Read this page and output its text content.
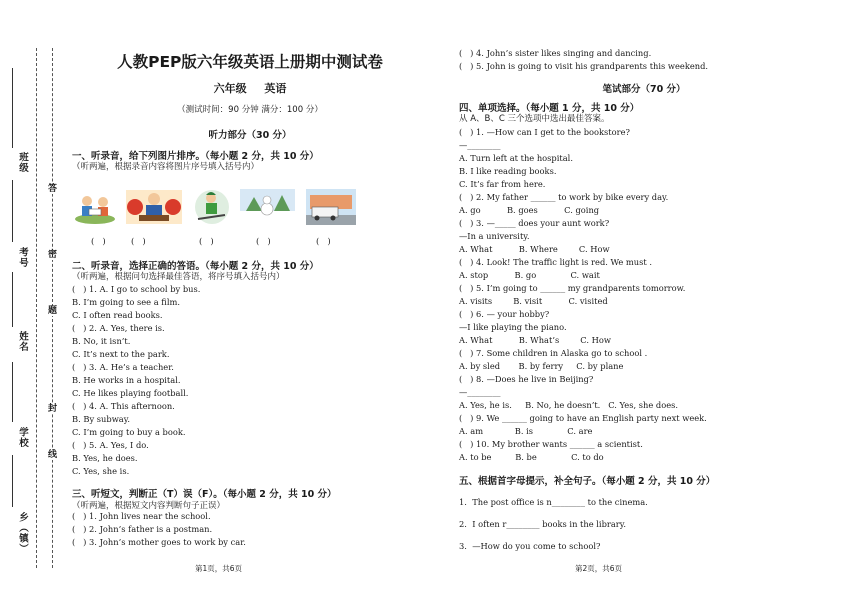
班级
考号
姓名
学校
乡（镇）
答
密
题
封
线
人教PEP版六年级英语上册期中测试卷
六年级 英语
（测试时间：90 分钟 满分：100 分）
听力部分（30 分）
一、听录音，给下列图片排序。（每小题 2 分，共 10 分）
（听两遍，根据录音内容将图片序号填入括号内）
(   )	(   )	(   )	(   )	(   )
二、听录音，选择正确的答语。（每小题 2 分，共 10 分）
（听两遍，根据问句选择最佳答语，将序号填入括号内）
(   ) 1. A. I go to school by bus.
B. I’m going to see a film.
C. I often read books.
(   ) 2. A. Yes, there is.
B. No, it isn’t.
C. It’s next to the park.
(   ) 3. A. He’s a teacher.
B. He works in a hospital.
C. He likes playing football.
(   ) 4. A. This afternoon.
B. By subway.
C. I’m going to buy a book.
(   ) 5. A. Yes, I do.
B. Yes, he does.
C. Yes, she is.
三、听短文，判断正（T）误（F）。（每小题 2 分，共 10 分）
（听两遍，根据短文内容判断句子正误）
(   ) 1. John lives near the school.
(   ) 2. John’s father is a postman.
(   ) 3. John’s mother goes to work by car.
第1页，共6页
(   ) 4. John’s sister likes singing and dancing.
(   ) 5. John is going to visit his grandparents this weekend.
笔试部分（70 分）
四、单项选择。（每小题 1 分，共 10 分）
从 A、B、C 三个选项中选出最佳答案。
(   ) 1. —How can I get to the bookstore?
—________
A. Turn left at the hospital.
B. I like reading books.
C. It’s far from here.
(   ) 2. My father ______ to work by bike every day.
A. go          B. goes          C. going
(   ) 3. —_____ does your aunt work?
—In a university.
A. What          B. Where        C. How
(   ) 4. Look! The traffic light is red. We must .
A. stop          B. go             C. wait
(   ) 5. I’m going to ______ my grandparents tomorrow.
A. visits        B. visit          C. visited
(   ) 6. — your hobby?
—I like playing the piano.
A. What          B. What’s        C. How
(   ) 7. Some children in Alaska go to school .
A. by sled       B. by ferry     C. by plane
(   ) 8. —Does he live in Beijing?
—________
A. Yes, he is.     B. No, he doesn’t.   C. Yes, she does.
(   ) 9. We ______ going to have an English party next week.
A. am            B. is             C. are
(   ) 10. My brother wants ______ a scientist.
A. to be         B. be             C. to do
五、根据首字母提示，补全句子。（每小题 2 分，共 10 分）
1.  The post office is n________ to the cinema.
2.  I often r________ books in the library.
3.  —How do you come to school?
第2页，共6页
